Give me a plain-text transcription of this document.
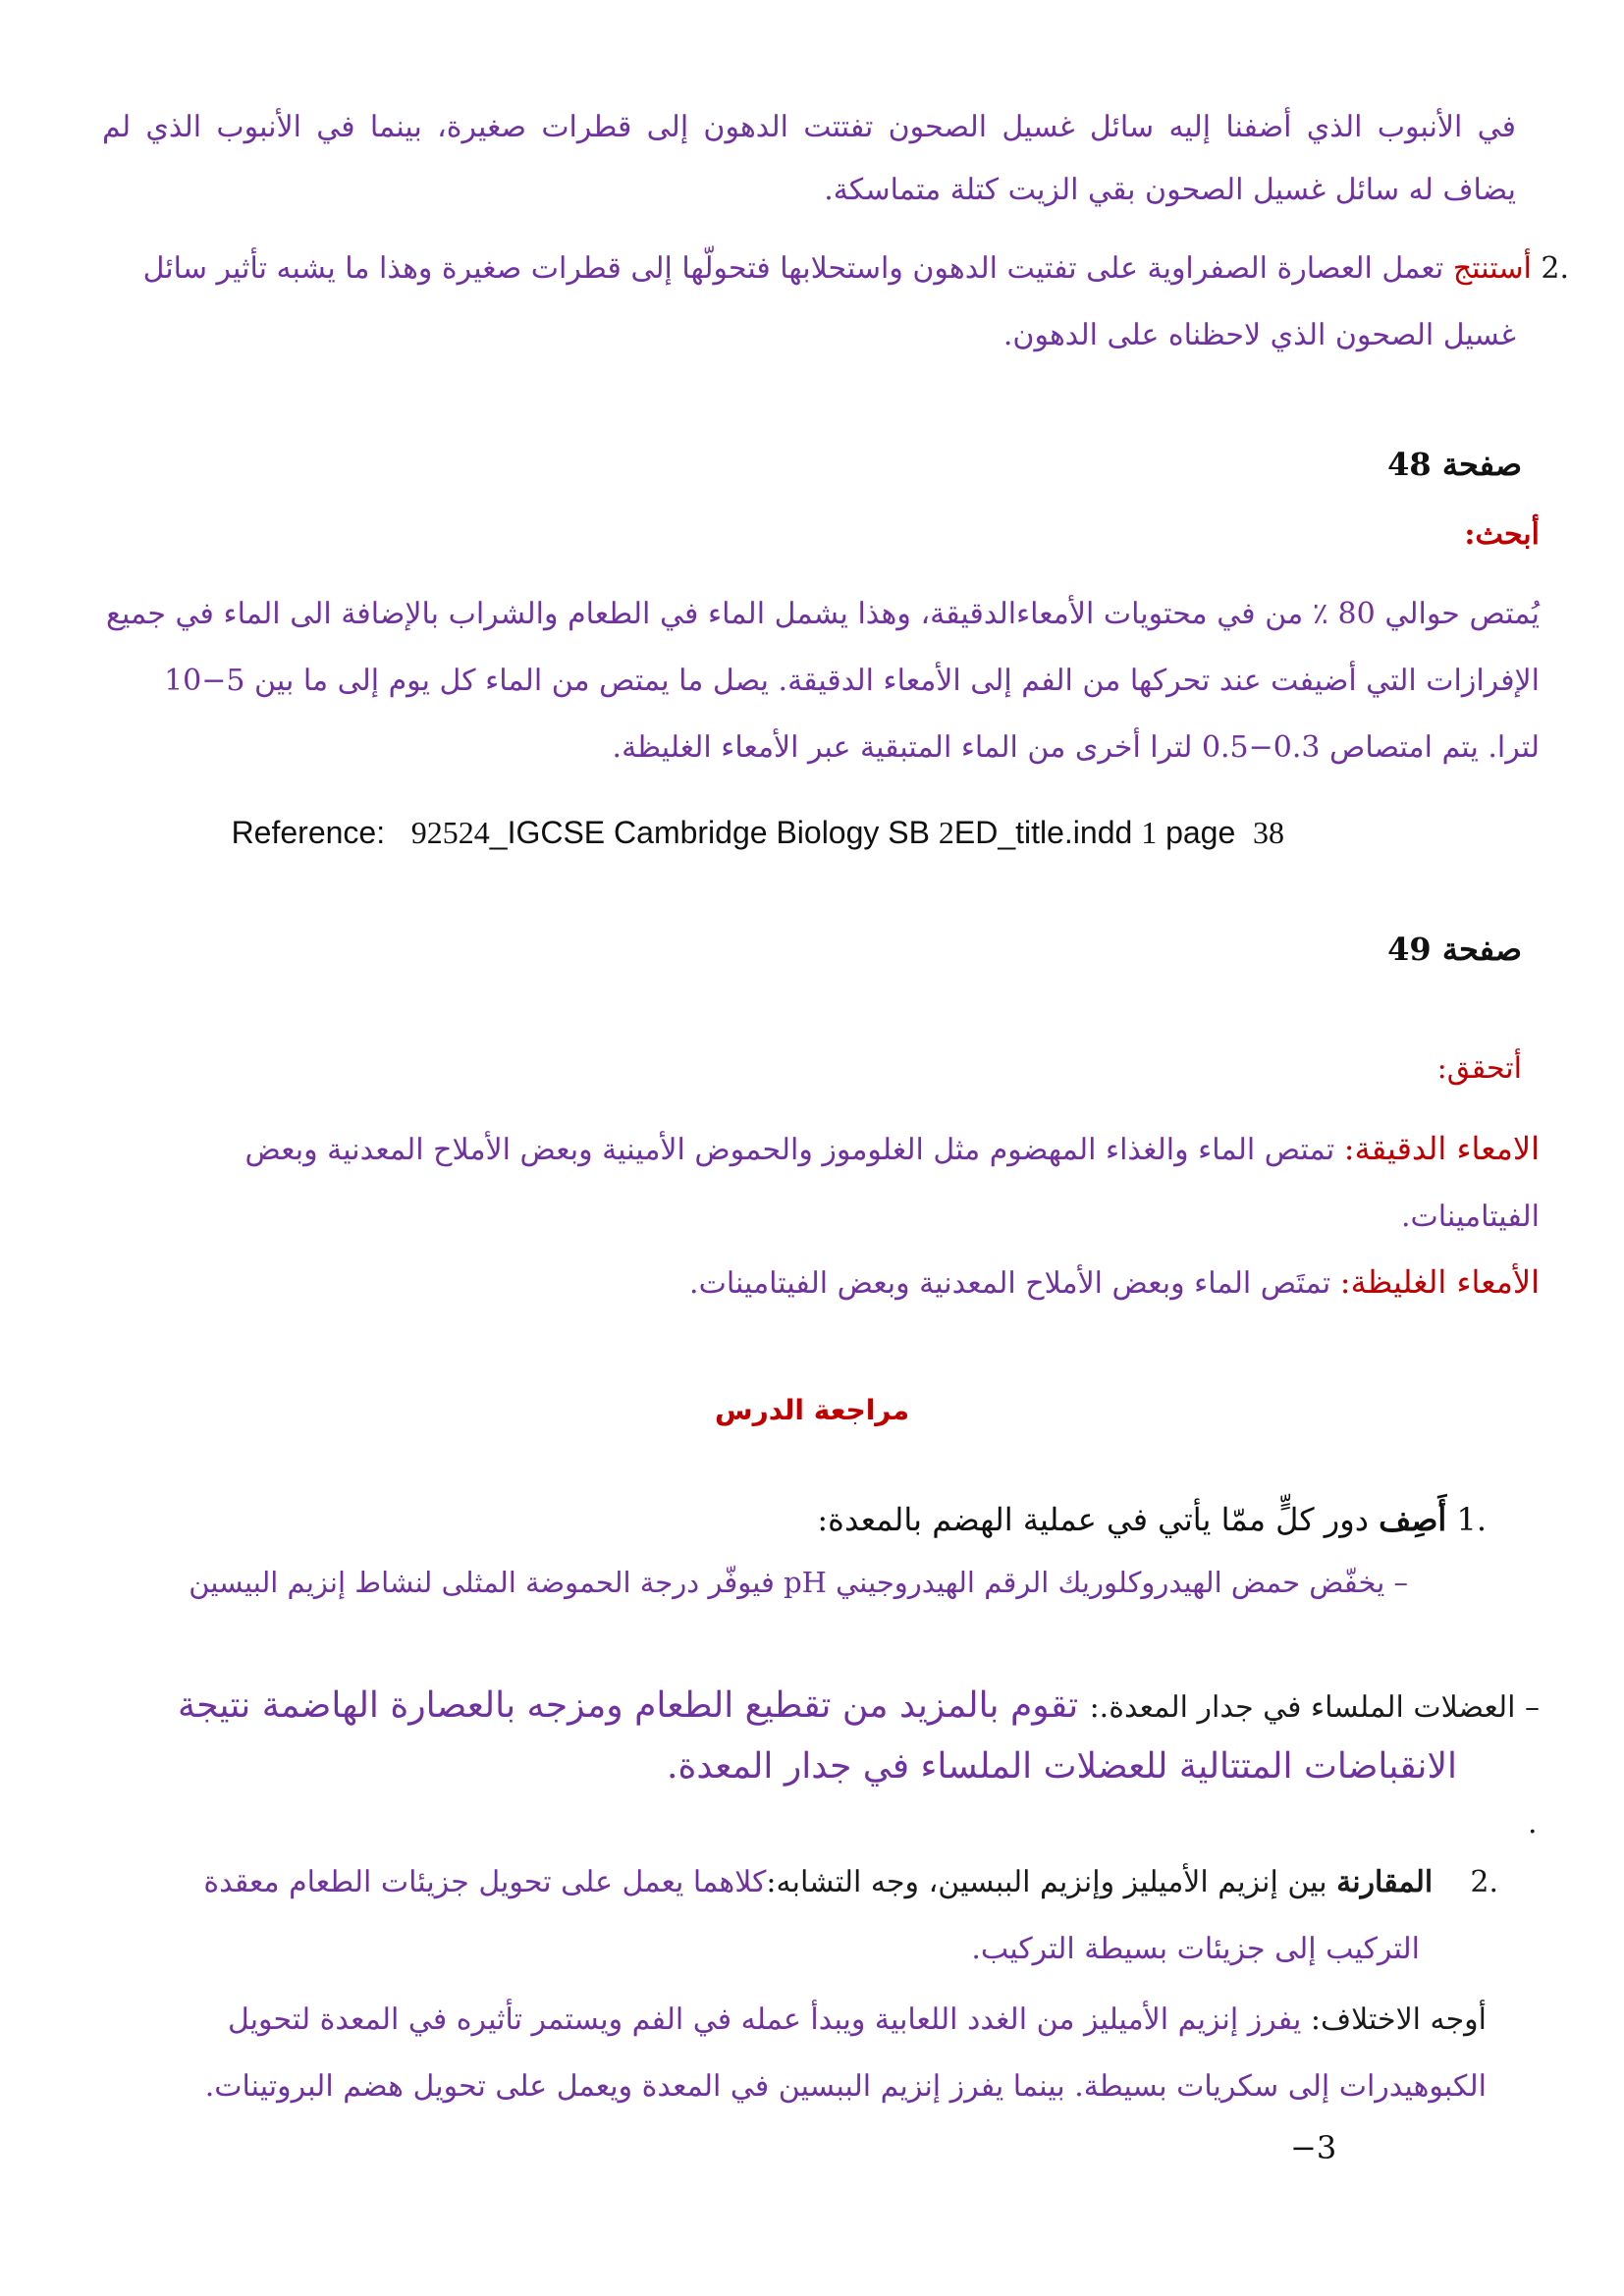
في الأنبوب الذي أضفنا إليه سائل غسيل الصحون تفتتت الدهون إلى قطرات صغيرة، بينما في الأنبوب الذي لم
يضاف له سائل غسيل الصحون بقي الزيت كتلة متماسكة.
.2 أستنتج تعمل العصارة الصفراوية على تفتيت الدهون واستحلابها فتحولّها إلى قطرات صغيرة وهذا ما يشبه تأثير سائل
غسيل الصحون الذي لاحظناه على الدهون.
صفحة 48
أبحث:
يُمتص حوالي 80 ٪ من في محتويات الأمعاءالدقيقة، وهذا يشمل الماء في الطعام والشراب بالإضافة الى الماء في جميع
الإفرازات التي أضيفت عند تحركها من الفم إلى الأمعاء الدقيقة. يصل ما يمتص من الماء كل يوم إلى ما بين 5−10
لترا. يتم امتصاص 0.3−0.5 لترا أخرى من الماء المتبقية عبر الأمعاء الغليظة.

Reference: 92524_IGCSE Cambridge Biology SB 2ED_title.indd 1 page  38

صفحة 49
أتحقق:
الامعاء الدقيقة: تمتص الماء والغذاء المهضوم مثل الغلوموز والحموض الأمينية وبعض الأملاح المعدنية وبعض
الفيتامينات.
الأمعاء الغليظة: تمتَص الماء وبعض الأملاح المعدنية وبعض الفيتامينات.
مراجعة الدرس
.1 أَصِف دور كلٍّ ممّا يأتي في عملية الهضم بالمعدة:
– يخفّض حمض الهيدروكلوريك الرقم الهيدروجيني pH فيوفّر درجة الحموضة المثلى لنشاط إنزيم البيسين
– العضلات الملساء في جدار المعدة.: تقوم بالمزيد من تقطيع الطعام ومزجه بالعصارة الهاضمة نتيجة
الانقباضات المتتالية للعضلات الملساء في جدار المعدة.
.
.2    المقارنة بين إنزيم الأميليز وإنزيم الببسين، وجه التشابه:كلاهما يعمل على تحويل جزيئات الطعام معقدة
التركيب إلى جزيئات بسيطة التركيب.
أوجه الاختلاف: يفرز إنزيم الأميليز من الغدد اللعابية ويبدأ عمله في الفم ويستمر تأثيره في المعدة لتحويل
الكبوهيدرات إلى سكريات بسيطة. بينما يفرز إنزيم الببسين في المعدة ويعمل على تحويل هضم البروتينات.
−3
